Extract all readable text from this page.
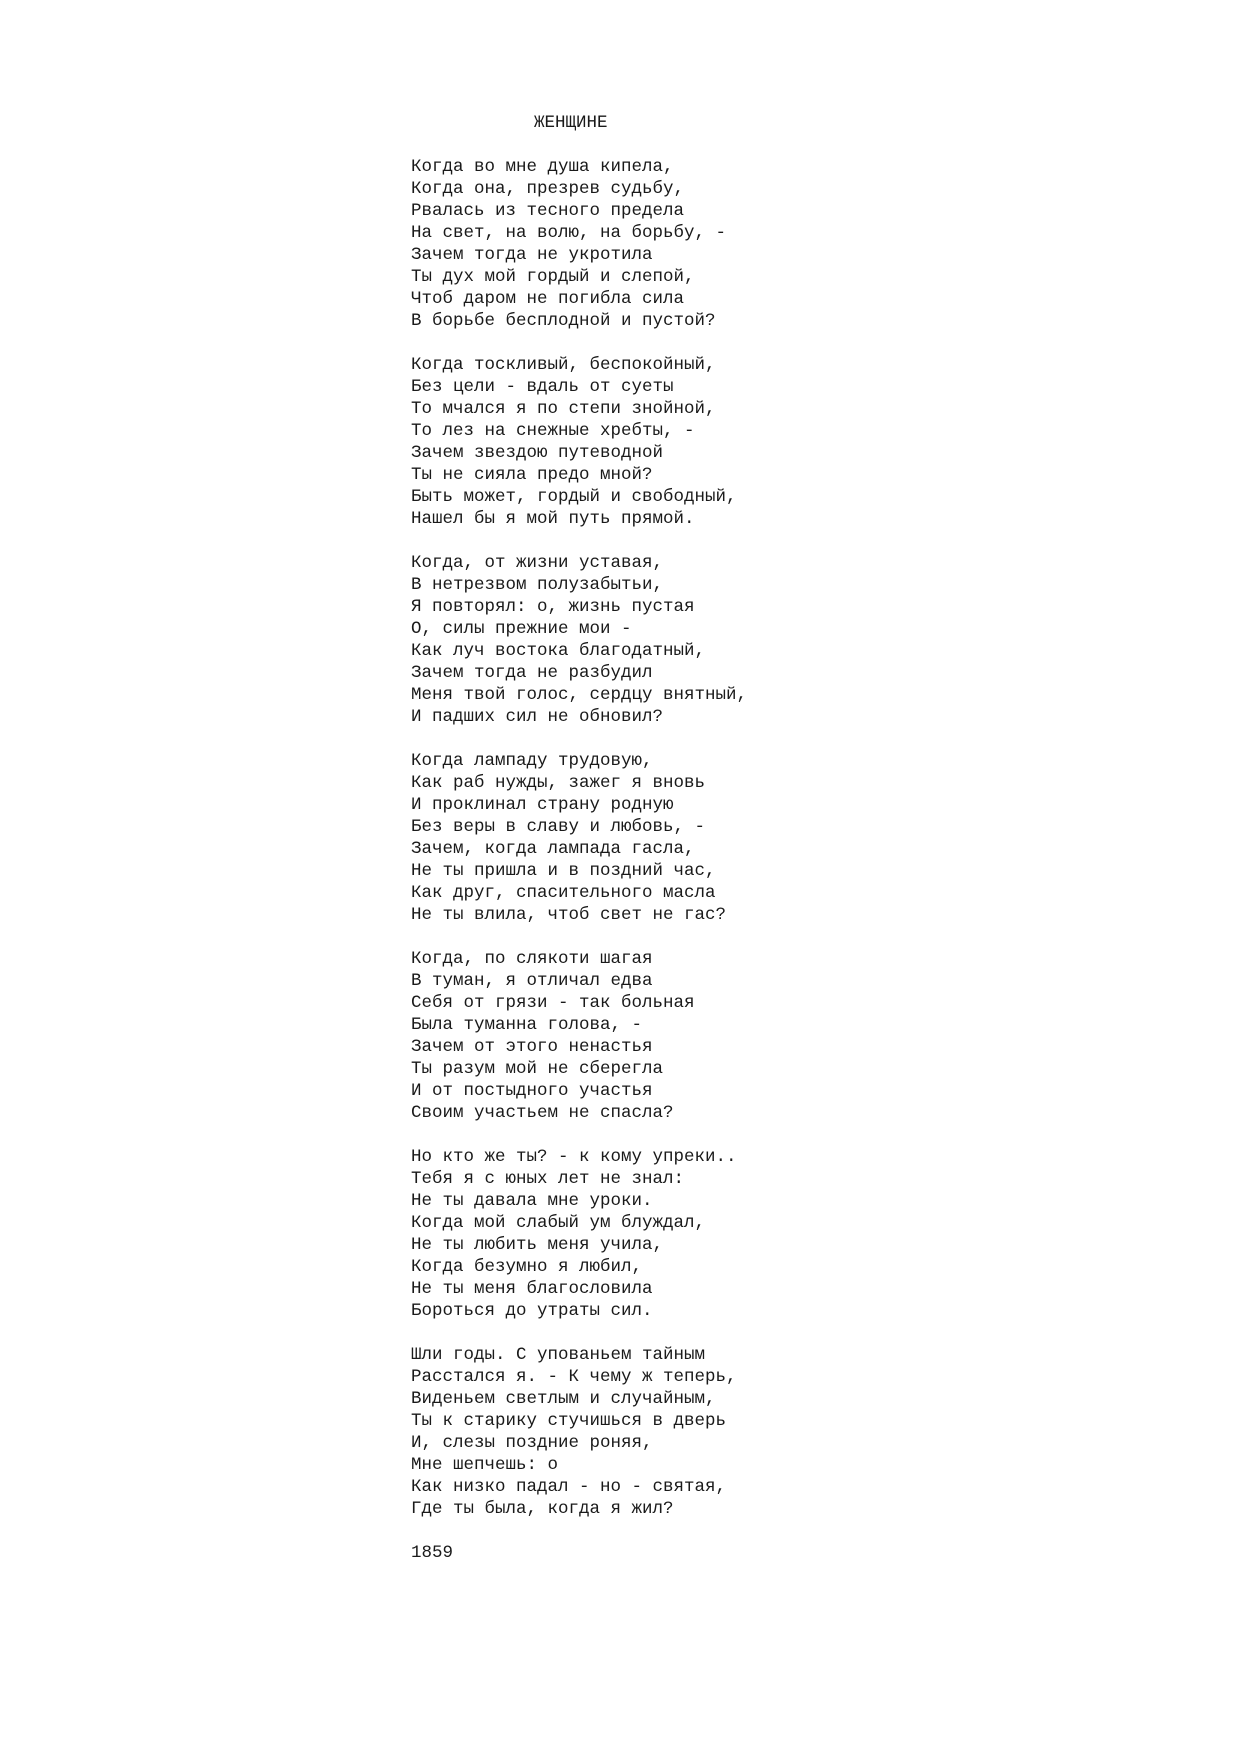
ЖЕНЩИНЕ
Когда во мне душа кипела,
Когда она, презрев судьбу,
Рвалась из тесного предела
На свет, на волю, на борьбу, -
Зачем тогда не укротила
Ты дух мой гордый и слепой,
Чтоб даром не погибла сила
В борьбе бесплодной и пустой?
Когда тоскливый, беспокойный,
Без цели - вдаль от суеты
То мчался я по степи знойной,
То лез на снежные хребты, -
Зачем звездою путеводной
Ты не сияла предо мной?
Быть может, гордый и свободный,
Нашел бы я мой путь прямой.
Когда, от жизни уставая,
В нетрезвом полузабытьи,
Я повторял: о, жизнь пустая
О, силы прежние мои -
Как луч востока благодатный,
Зачем тогда не разбудил
Меня твой голос, сердцу внятный,
И падших сил не обновил?
Когда лампаду трудовую,
Как раб нужды, зажег я вновь
И проклинал страну родную
Без веры в славу и любовь, -
Зачем, когда лампада гасла,
Не ты пришла и в поздний час,
Как друг, спасительного масла
Не ты влила, чтоб свет не гас?
Когда, по слякоти шагая
В туман, я отличал едва
Себя от грязи - так больная
Была туманна голова, -
Зачем от этого ненастья
Ты разум мой не сберегла
И от постыдного участья
Своим участьем не спасла?
Но кто же ты? - к кому упреки..
Тебя я с юных лет не знал:
Не ты давала мне уроки.
Когда мой слабый ум блуждал,
Не ты любить меня учила,
Когда безумно я любил,
Не ты меня благословила
Бороться до утраты сил.
Шли годы. С упованьем тайным
Расстался я. - К чему ж теперь,
Виденьем светлым и случайным,
Ты к старику стучишься в дверь
И, слезы поздние роняя,
Мне шепчешь: о
Как низко падал - но - святая,
Где ты была, когда я жил?

1859
